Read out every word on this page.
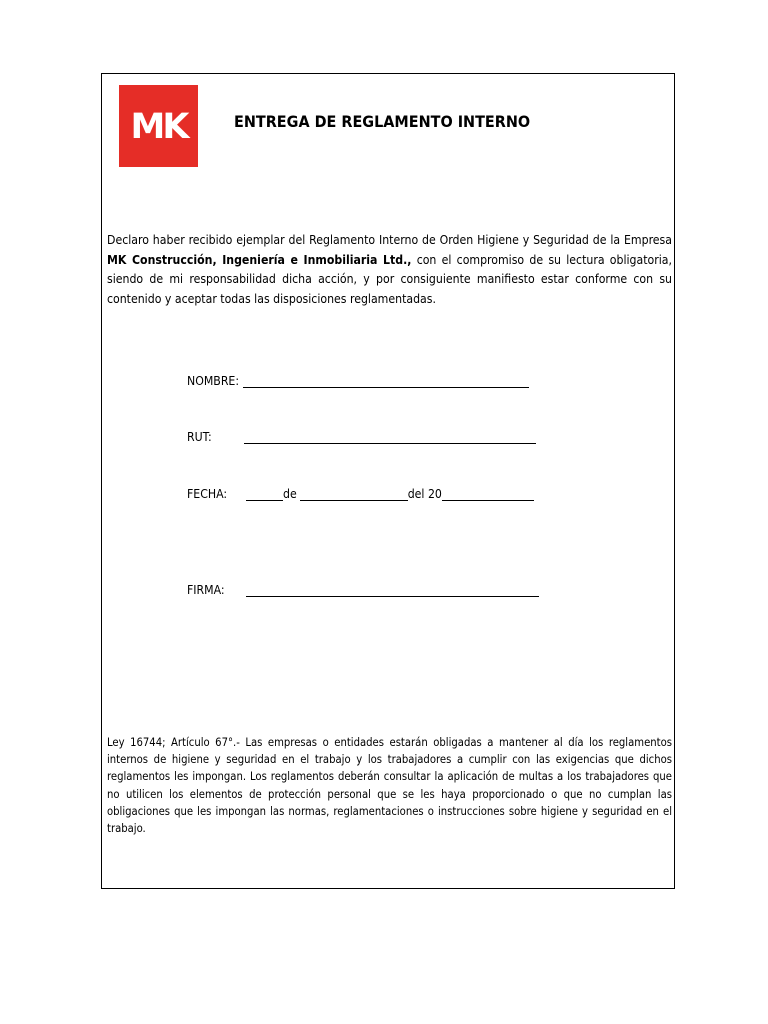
MK	ENTREGA DE REGLAMENTO INTERNO
Declaro haber recibido ejemplar del Reglamento Interno de Orden Higiene y Seguridad de la Empresa MK Construcción, Ingeniería e Inmobiliaria Ltd., con el compromiso de su lectura obligatoria, siendo de mi responsabilidad dicha acción, y por consiguiente manifiesto estar conforme con su contenido y aceptar todas las disposiciones reglamentadas.
NOMBRE:
RUT:
FECHA:	de	del 20
FIRMA:
Ley 16744; Artículo 67°.- Las empresas o entidades estarán obligadas a mantener al día los reglamentos internos de higiene y seguridad en el trabajo y los trabajadores a cumplir con las exigencias que dichos reglamentos les impongan. Los reglamentos deberán consultar la aplicación de multas a los trabajadores que no utilicen los elementos de protección personal que se les haya proporcionado o que no cumplan las obligaciones que les impongan las normas, reglamentaciones o instrucciones sobre higiene y seguridad en el trabajo.
